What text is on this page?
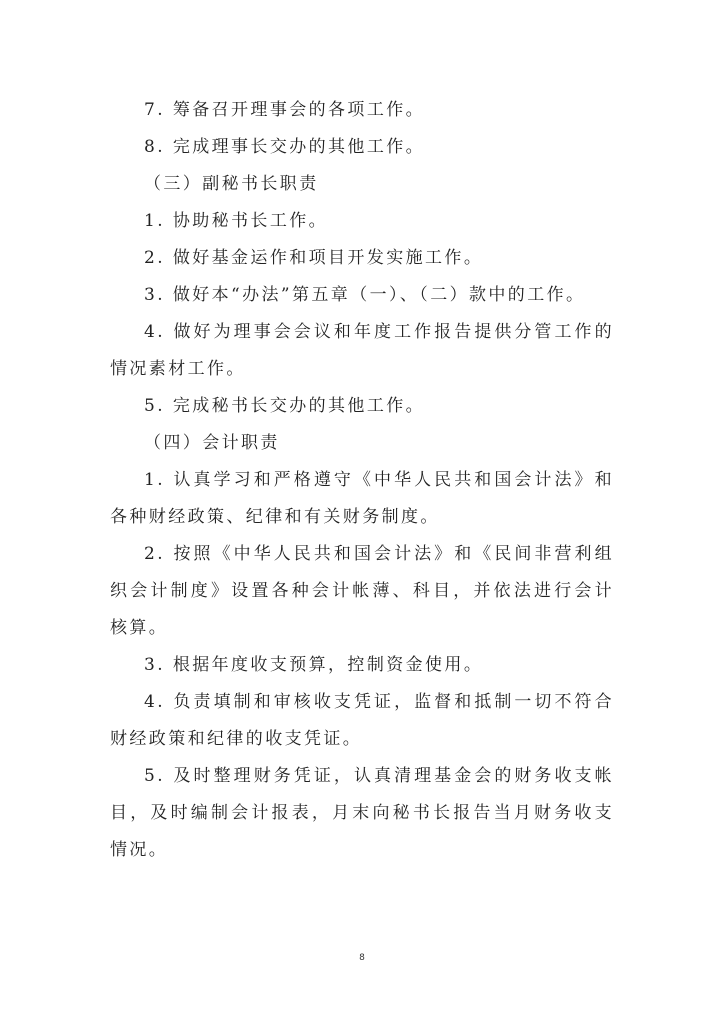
7. 筹备召开理事会的各项工作。

8. 完成理事长交办的其他工作。

（三）副秘书长职责

1. 协助秘书长工作。

2. 做好基金运作和项目开发实施工作。

3. 做好本“办法”第五章（一）、（二）款中的工作。

4. 做好为理事会会议和年度工作报告提供分管工作的情况素材工作。

5. 完成秘书长交办的其他工作。

（四）会计职责

1. 认真学习和严格遵守《中华人民共和国会计法》和各种财经政策、纪律和有关财务制度。

2. 按照《中华人民共和国会计法》和《民间非营利组织会计制度》设置各种会计帐薄、科目，并依法进行会计核算。

3. 根据年度收支预算，控制资金使用。

4. 负责填制和审核收支凭证，监督和抵制一切不符合财经政策和纪律的收支凭证。

5. 及时整理财务凭证，认真清理基金会的财务收支帐目，及时编制会计报表，月末向秘书长报告当月财务收支情况。

8
